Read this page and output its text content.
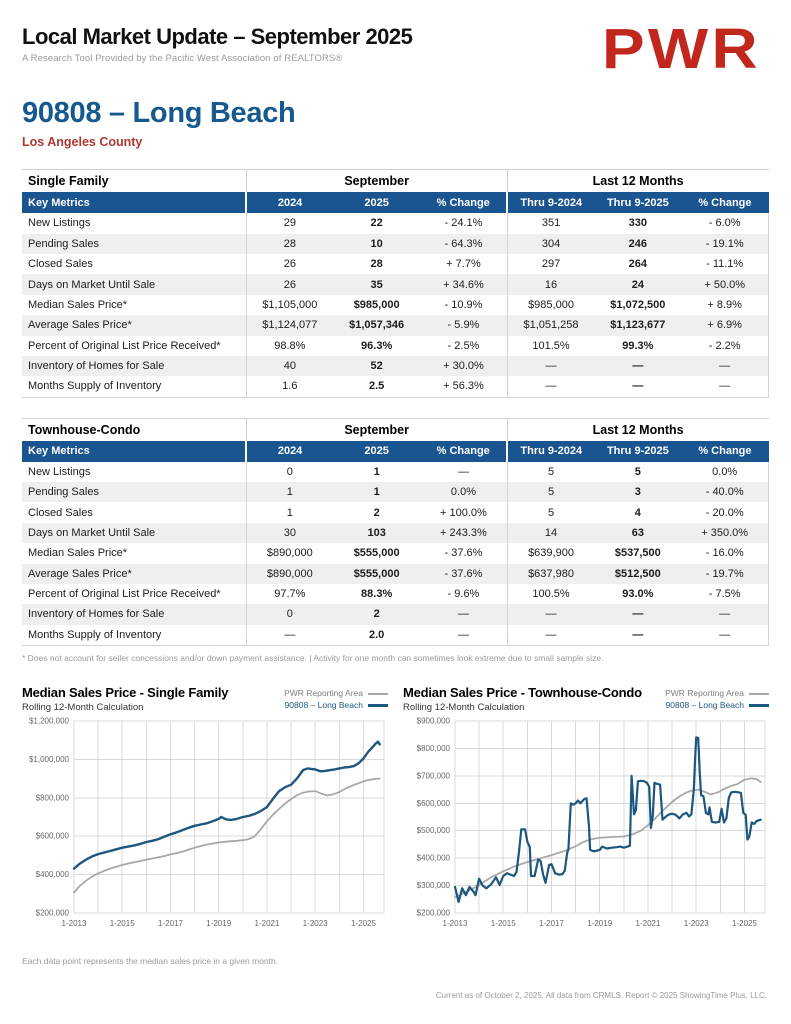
Local Market Update – September 2025
A Research Tool Provided by the Pacific West Association of REALTORS®	PWR
90808 – Long Beach
Los Angeles County
Single Family	September			Last 12 Months		
Key Metrics	2024	2025	% Change	Thru 9-2024	Thru 9-2025	% Change
New Listings	29	22	- 24.1%	351	330	- 6.0%
Pending Sales	28	10	- 64.3%	304	246	- 19.1%
Closed Sales	26	28	+ 7.7%	297	264	- 11.1%
Days on Market Until Sale	26	35	+ 34.6%	16	24	+ 50.0%
Median Sales Price*	$1,105,000	$985,000	- 10.9%	$985,000	$1,072,500	+ 8.9%
Average Sales Price*	$1,124,077	$1,057,346	- 5.9%	$1,051,258	$1,123,677	+ 6.9%
Percent of Original List Price Received*	98.8%	96.3%	- 2.5%	101.5%	99.3%	- 2.2%
Inventory of Homes for Sale	40	52	+ 30.0%	—	—	—
Months Supply of Inventory	1.6	2.5	+ 56.3%	—	—	—
Townhouse-Condo	September			Last 12 Months		
Key Metrics	2024	2025	% Change	Thru 9-2024	Thru 9-2025	% Change
New Listings	0	1	—	5	5	0.0%
Pending Sales	1	1	0.0%	5	3	- 40.0%
Closed Sales	1	2	+ 100.0%	5	4	- 20.0%
Days on Market Until Sale	30	103	+ 243.3%	14	63	+ 350.0%
Median Sales Price*	$890,000	$555,000	- 37.6%	$639,900	$537,500	- 16.0%
Average Sales Price*	$890,000	$555,000	- 37.6%	$637,980	$512,500	- 19.7%
Percent of Original List Price Received*	97.7%	88.3%	- 9.6%	100.5%	93.0%	- 7.5%
Inventory of Homes for Sale	0	2	—	—	—	—
Months Supply of Inventory	—	2.0	—	—	—	—
* Does not account for seller concessions and/or down payment assistance. | Activity for one month can sometimes look extreme due to small sample size.
Median Sales Price - Single Family
Rolling 12-Month Calculation
PWR Reporting Area
90808 – Long Beach
$200,000
$400,000
$600,000
$800,000
$1,000,000
$1,200,000
1-2013	1-2015	1-2017	1-2019	1-2021	1-2023	1-2025
Median Sales Price - Townhouse-Condo
Rolling 12-Month Calculation
PWR Reporting Area
90808 – Long Beach
$200,000
$300,000
$400,000
$500,000
$600,000
$700,000
$800,000
$900,000
1-2013	1-2015	1-2017	1-2019	1-2021	1-2023	1-2025
Each data point represents the median sales price in a given month.
Current as of October 2, 2025. All data from CRMLS. Report © 2025 ShowingTime Plus, LLC.
